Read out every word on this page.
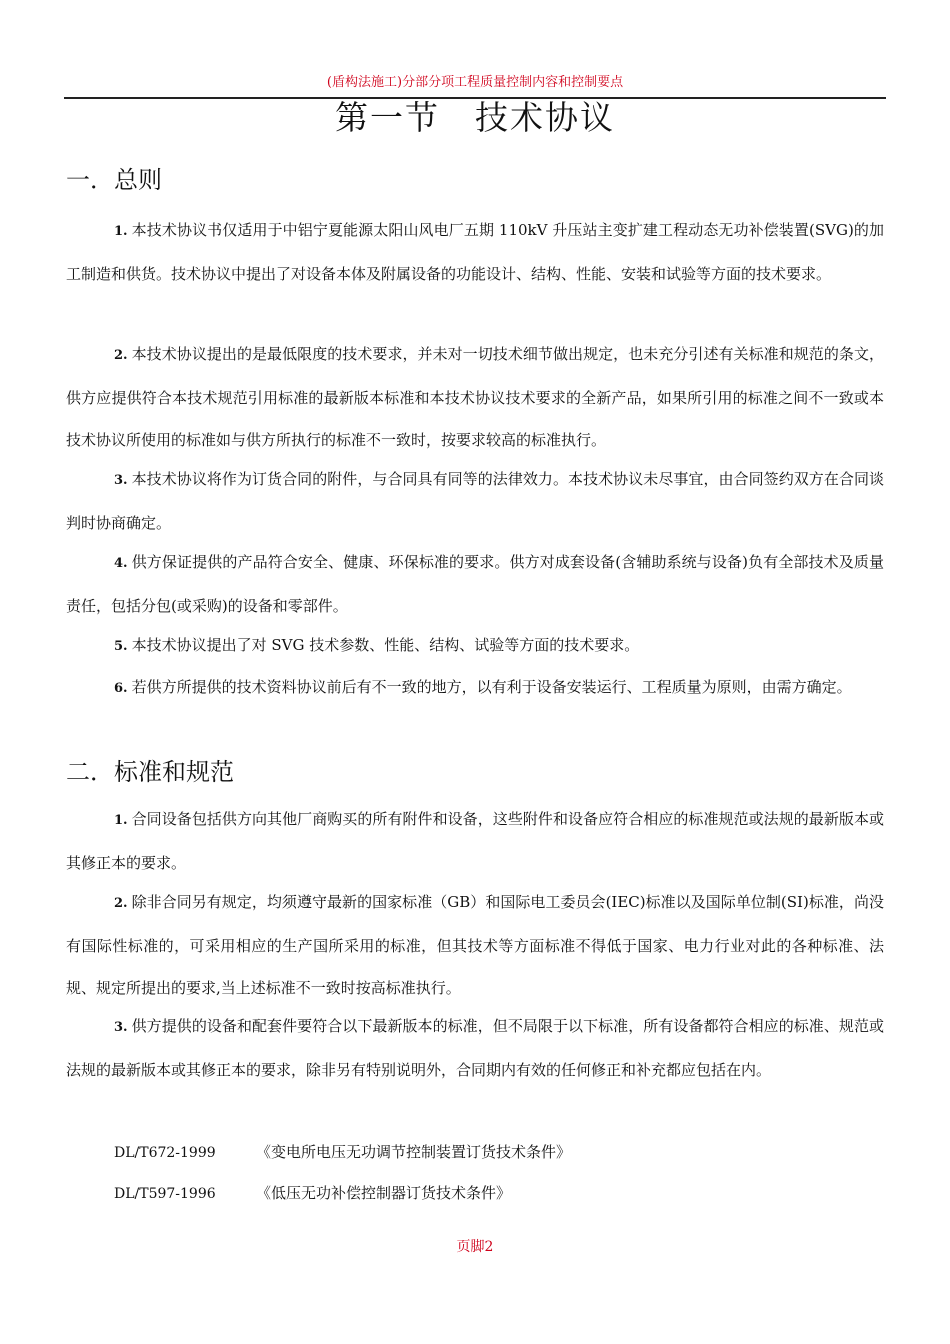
(盾构法施工)分部分项工程质量控制内容和控制要点
第一节　技术协议
一．总则
1. 本技术协议书仅适用于中铝宁夏能源太阳山风电厂五期 110kV 升压站主变扩建工程动态无功补偿装置(SVG)的加工制造和供货。技术协议中提出了对设备本体及附属设备的功能设计、结构、性能、安装和试验等方面的技术要求。
2. 本技术协议提出的是最低限度的技术要求，并未对一切技术细节做出规定，也未充分引述有关标准和规范的条文，供方应提供符合本技术规范引用标准的最新版本标准和本技术协议技术要求的全新产品，如果所引用的标准之间不一致或本技术协议所使用的标准如与供方所执行的标准不一致时，按要求较高的标准执行。
3. 本技术协议将作为订货合同的附件，与合同具有同等的法律效力。本技术协议未尽事宜，由合同签约双方在合同谈判时协商确定。
4. 供方保证提供的产品符合安全、健康、环保标准的要求。供方对成套设备(含辅助系统与设备)负有全部技术及质量责任，包括分包(或采购)的设备和零部件。
5. 本技术协议提出了对 SVG 技术参数、性能、结构、试验等方面的技术要求。
6. 若供方所提供的技术资料协议前后有不一致的地方，以有利于设备安装运行、工程质量为原则，由需方确定。
二．标准和规范
1. 合同设备包括供方向其他厂商购买的所有附件和设备，这些附件和设备应符合相应的标准规范或法规的最新版本或其修正本的要求。
2. 除非合同另有规定，均须遵守最新的国家标准（GB）和国际电工委员会(IEC)标准以及国际单位制(SI)标准，尚没有国际性标准的，可采用相应的生产国所采用的标准，但其技术等方面标准不得低于国家、电力行业对此的各种标准、法规、规定所提出的要求,当上述标准不一致时按高标准执行。
3. 供方提供的设备和配套件要符合以下最新版本的标准，但不局限于以下标准，所有设备都符合相应的标准、规范或法规的最新版本或其修正本的要求，除非另有特别说明外，合同期内有效的任何修正和补充都应包括在内。
DL/T672-1999	《变电所电压无功调节控制装置订货技术条件》
DL/T597-1996	《低压无功补偿控制器订货技术条件》
页脚2
